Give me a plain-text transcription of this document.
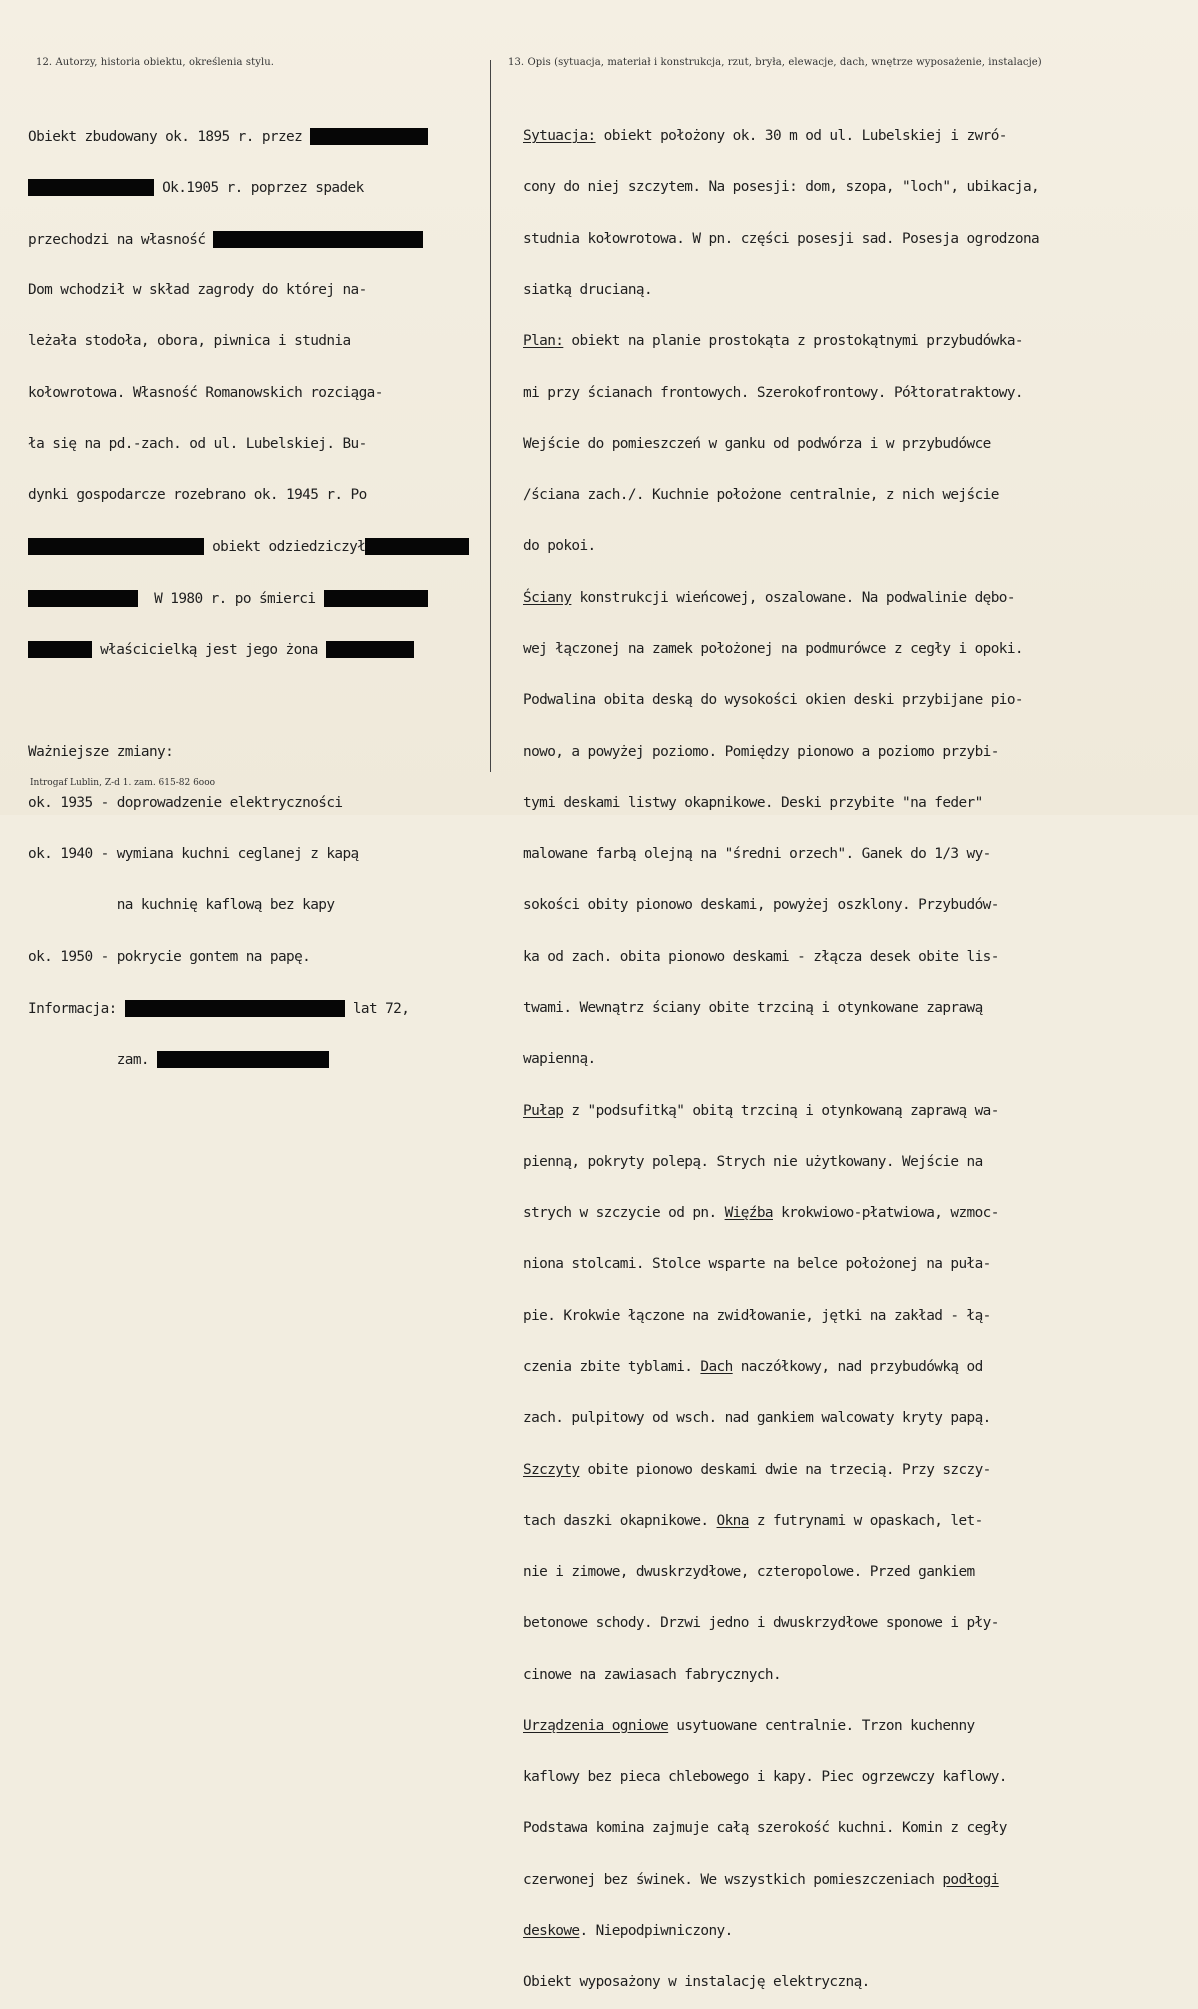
12. Autorzy, historia obiektu, określenia stylu.	13. Opis (sytuacja, materiał i konstrukcja, rzut, bryła, elewacje, dach, wnętrze wyposażenie, instalacje)

Obiekt zbudowany ok. 1895 r. przez

Ok.1905 r. poprzez spadek

przechodzi na własność

Dom wchodził w skład zagrody do której na-

leżała stodoła, obora, piwnica i studnia

kołowrotowa. Własność Romanowskich rozciąga-

ła się na pd.-zach. od ul. Lubelskiej. Bu-

dynki gospodarcze rozebrano ok. 1945 r. Po

obiekt odziedziczył

W 1980 r. po śmierci

właścicielką jest jego żona

Ważniejsze zmiany:

ok. 1935 - doprowadzenie elektryczności

ok. 1940 - wymiana kuchni ceglanej z kapą

na kuchnię kaflową bez kapy

ok. 1950 - pokrycie gontem na papę.

Informacja:	lat 72,

zam.

Sytuacja: obiekt położony ok. 30 m od ul. Lubelskiej i zwró-

cony do niej szczytem. Na posesji: dom, szopa, "loch", ubikacja,

studnia kołowrotowa. W pn. części posesji sad. Posesja ogrodzona

siatką drucianą.

Plan: obiekt na planie prostokąta z prostokątnymi przybudówka-

mi przy ścianach frontowych. Szerokofrontowy. Półtoratraktowy.

Wejście do pomieszczeń w ganku od podwórza i w przybudówce

/ściana zach./. Kuchnie położone centralnie, z nich wejście

do pokoi.

Ściany konstrukcji wieńcowej, oszalowane. Na podwalinie dębo-

wej łączonej na zamek położonej na podmurówce z cegły i opoki.

Podwalina obita deską do wysokości okien deski przybijane pio-

nowo, a powyżej poziomo. Pomiędzy pionowo a poziomo przybi-

tymi deskami listwy okapnikowe. Deski przybite "na feder"

malowane farbą olejną na "średni orzech". Ganek do 1/3 wy-

sokości obity pionowo deskami, powyżej oszklony. Przybudów-

ka od zach. obita pionowo deskami - złącza desek obite lis-

twami. Wewnątrz ściany obite trzciną i otynkowane zaprawą

wapienną.

Pułap z "podsufitką" obitą trzciną i otynkowaną zaprawą wa-

pienną, pokryty polepą. Strych nie użytkowany. Wejście na

strych w szczycie od pn. Więźba krokwiowo-płatwiowa, wzmoc-

niona stolcami. Stolce wsparte na belce położonej na puła-

pie. Krokwie łączone na zwidłowanie, jętki na zakład - łą-

czenia zbite tyblami. Dach naczółkowy, nad przybudówką od

zach. pulpitowy od wsch. nad gankiem walcowaty kryty papą.

Szczyty obite pionowo deskami dwie na trzecią. Przy szczy-

tach daszki okapnikowe. Okna z futrynami w opaskach, let-

nie i zimowe, dwuskrzydłowe, czteropolowe. Przed gankiem

betonowe schody. Drzwi jedno i dwuskrzydłowe sponowe i pły-

cinowe na zawiasach fabrycznych.

Urządzenia ogniowe usytuowane centralnie. Trzon kuchenny

kaflowy bez pieca chlebowego i kapy. Piec ogrzewczy kaflowy.

Podstawa komina zajmuje całą szerokość kuchni. Komin z cegły

czerwonej bez świnek. We wszystkich pomieszczeniach podłogi

deskowe. Niepodpiwniczony.

Obiekt wyposażony w instalację elektryczną.

Introgaf Lublin, Z-d 1. zam. 615-82 6ooo
